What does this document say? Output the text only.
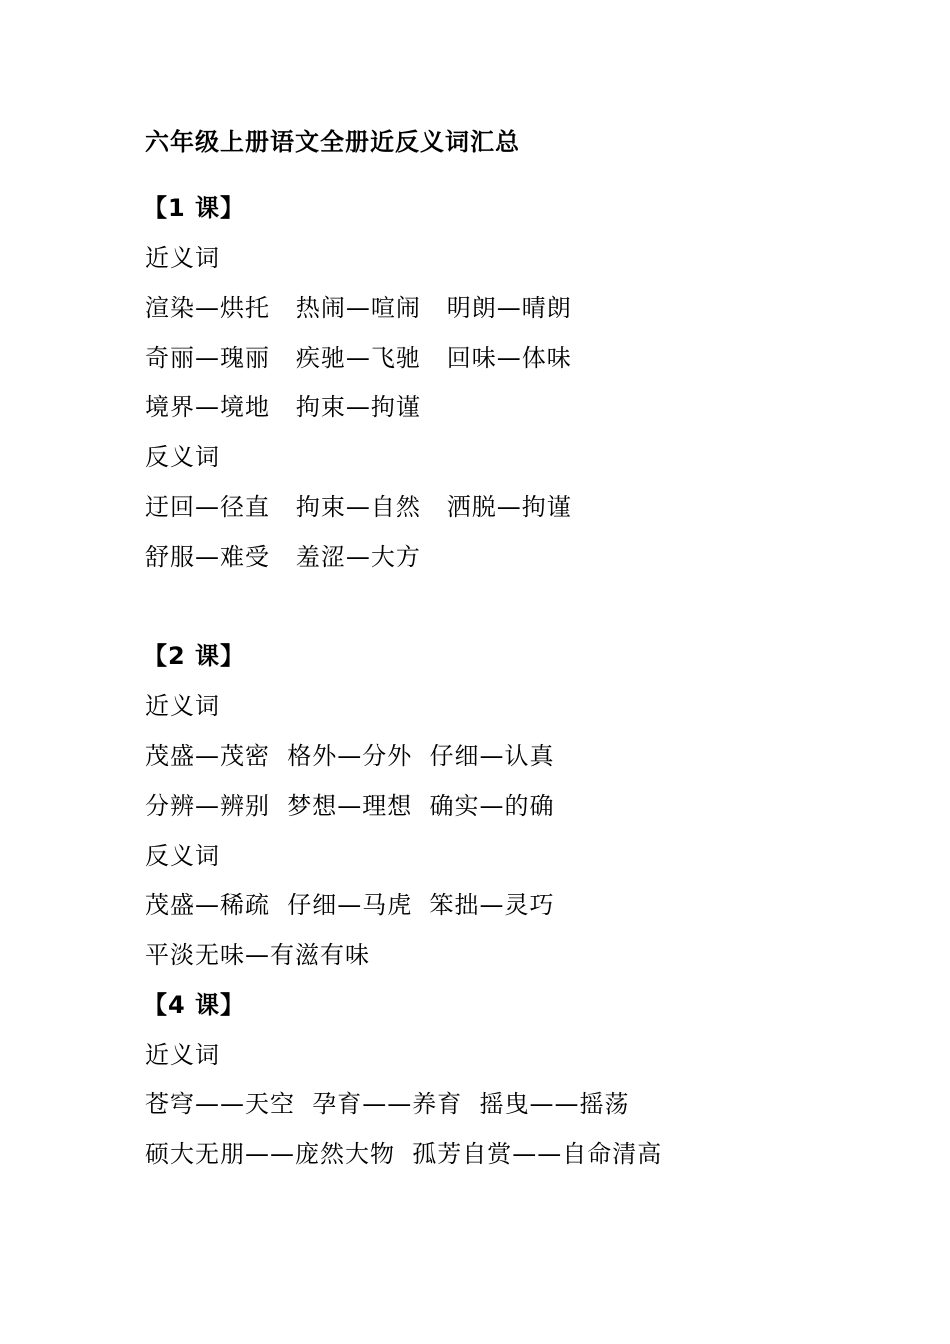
六年级上册语文全册近反义词汇总

【1 课】

近义词

渲染—烘托   热闹—喧闹   明朗—晴朗

奇丽—瑰丽   疾驰—飞驰   回味—体味

境界—境地   拘束—拘谨

反义词

迂回—径直   拘束—自然   洒脱—拘谨

舒服—难受   羞涩—大方

【2 课】

近义词

茂盛—茂密  格外—分外  仔细—认真

分辨—辨别  梦想—理想  确实—的确

反义词

茂盛—稀疏  仔细—马虎  笨拙—灵巧

平淡无味—有滋有味

【4 课】

近义词

苍穹——天空  孕育——养育  摇曳——摇荡

硕大无朋——庞然大物  孤芳自赏——自命清高
